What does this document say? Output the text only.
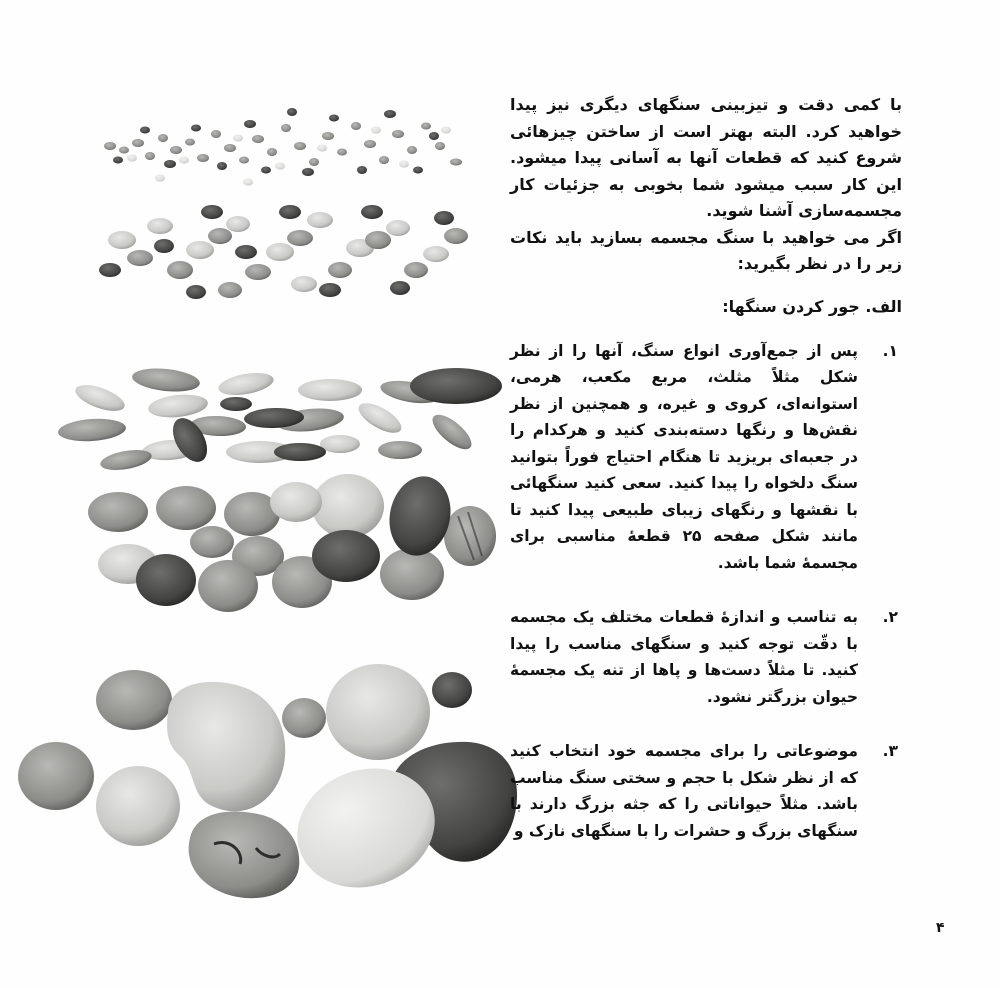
با کمی دقت و تیزبینی سنگهای دیگری نیز پیدا خواهید کرد. البته بهتر است از ساختن چیزهائی شروع کنید که قطعات آنها به آسانی پیدا میشود. این کار سبب میشود شما بخوبی به جزئیات کار مجسمه‌سازی آشنا شوید.

اگر می خواهید با سنگ مجسمه بسازید باید نکات زیر را در نظر بگیرید:

الف. جور کردن سنگها:

۱.
پس از جمع‌آوری انواع سنگ، آنها را از نظر شکل مثلاً مثلث، مربع مکعب، هرمی، استوانه‌ای، کروی و غیره، و همچنین از نظر نقش‌ها و رنگها دسته‌بندی کنید و هرکدام را در جعبه‌ای بریزید تا هنگام احتیاج فوراً بتوانید سنگ دلخواه را پیدا کنید. سعی کنید سنگهائی با نقشها و رنگهای زیبای طبیعی پیدا کنید تا مانند شکل صفحه ۲۵ قطعهٔ مناسبی برای مجسمهٔ شما باشد.
۲.
به تناسب و اندازهٔ قطعات مختلف یک مجسمه با دقّت توجه کنید و سنگهای مناسب را پیدا کنید. تا مثلاً دست‌ها و پاها از تنه یک مجسمهٔ حیوان بزرگتر نشود.
۳.
موضوعاتی را برای مجسمه خود انتخاب کنید که از نظر شکل با حجم و سختی سنگ مناسب باشد. مثلاً حیواناتی را که جثه بزرگ دارند با سنگهای بزرگ و حشرات را با سنگهای نازک و
۴
